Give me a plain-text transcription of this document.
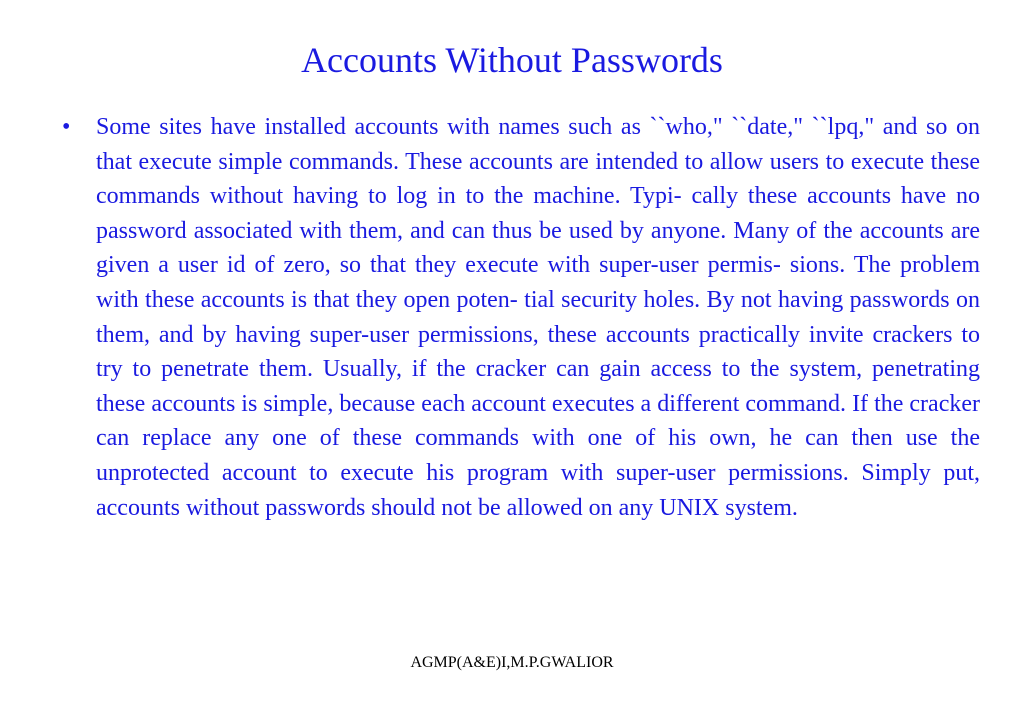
Accounts Without Passwords
•	Some sites have installed accounts with names such as ``who," ``date," ``lpq," and so on that execute simple commands. These accounts are intended to allow users to execute these commands without having to log in to the machine. Typi- cally these accounts have no password associated with them, and can thus be used by anyone. Many of the accounts are given a user id of zero, so that they execute with super-user permis- sions. The problem with these accounts is that they open poten- tial security holes. By not having passwords on them, and by having super-user permissions, these accounts practically invite crackers to try to penetrate them. Usually, if the cracker can gain access to the system, penetrating these accounts is simple, because each account executes a different command. If the cracker can replace any one of these commands with one of his own, he can then use the unprotected account to execute his program with super-user permissions. Simply put, accounts without passwords should not be allowed on any UNIX system.
AGMP(A&E)I,M.P.GWALIOR
